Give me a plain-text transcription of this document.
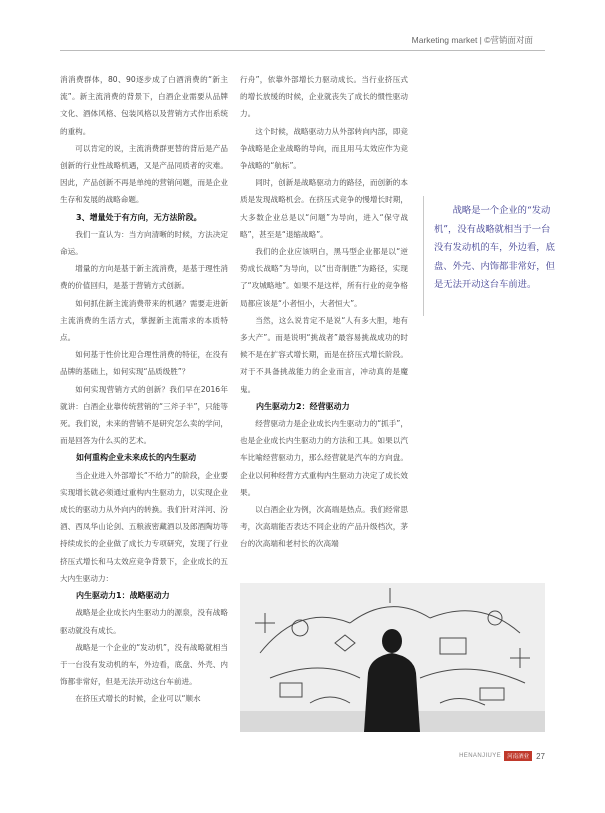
Marketing market | ©营销面对面

消消费群体，80、90逐步成了白酒消费的“新主流”。新主流消费的背景下，白酒企业需要从品牌文化、酒体风格、包装风格以及营销方式作出系统的重构。

可以肯定的说，主流消费群更替的背后是产品创新的行业性战略机遇，又是产品同质者的灾难。因此，产品创新不再是单纯的营销问题，而是企业生存和发展的战略命题。

3、增量处于有方向，无方法阶段。

我们一直认为：当方向清晰的时候，方法决定命运。

增量的方向是基于新主流消费，是基于理性消费的价值回归，是基于营销方式创新。

如何抓住新主流消费带来的机遇？需要走进新主流消费的生活方式，掌握新主流需求的本质特点。

如何基于性价比迎合理性消费的特征，在没有品牌的基础上，如何实现“品质级胜”？

如何实现营销方式的创新？我们早在2016年就讲：白酒企业靠传统营销的“三斧子半”，只能等死。我们说，未来的营销不是研究怎么卖的学问，而是回答为什么买的艺术。

如何重构企业未来成长的内生驱动

当企业进入外部增长“不给力”的阶段，企业要实现增长就必须通过重构内生驱动力，以实现企业成长的驱动力从外向内的转换。我们针对洋河、汾酒、西凤华山论剑、五粮液密藏酒以及郎酒陶坊等持续成长的企业做了成长力专项研究，发现了行业挤压式增长和马太效应竞争背景下，企业成长的五大内生驱动力：

内生驱动力1：战略驱动力

战略是企业成长内生驱动力的源泉，没有战略驱动就没有成长。

战略是一个企业的“发动机”，没有战略就相当于一台没有发动机的车，外边看，底盘、外壳、内饰都非常好，但是无法开动这台车前进。

在挤压式增长的时候，企业可以“顺水

行舟”，依靠外部增长力驱动成长。当行业挤压式的增长放缓的时候，企业就丧失了成长的惯性驱动力。

这个时候，战略驱动力从外部转向内部，即竞争战略是企业战略的导向，而且用马太效应作为竞争战略的“航标”。

同时，创新是战略驱动力的路径，而创新的本质是发现战略机会。在挤压式竞争的慢增长时期，大多数企业总是以“问题”为导向，进入“保守战略”，甚至是“退缩战略”。

我们的企业应该明白，黑马型企业都是以“逆势成长战略”为导向，以“出奇制胜”为路径，实现了“攻城略地”。如果不是这样，所有行业的竞争格局都应该是“小者恒小，大者恒大”。

当然，这么说肯定不是说“人有多大胆，地有多大产”。而是说明“挑战者”最容易挑战成功的时候不是在扩容式增长期，而是在挤压式增长阶段。对于不具备挑战能力的企业而言，冲动真的是魔鬼。

内生驱动力2：经营驱动力

经营驱动力是企业成长内生驱动力的“抓手”，也是企业成长内生驱动力的方法和工具。如果以汽车比喻经营驱动力，那么经营就是汽车的方向盘。企业以何种经营方式重构内生驱动力决定了成长效果。

以白酒企业为例，次高端是热点。我们经常思考，次高端能否表达不同企业的产品升级档次，茅台的次高端和老村长的次高端

战略是一个企业的“发动机”，没有战略就相当于一台没有发动机的车，外边看，底盘、外壳、内饰都非常好，但是无法开动这台车前进。

HENANJIUYE	河南酒业 27
